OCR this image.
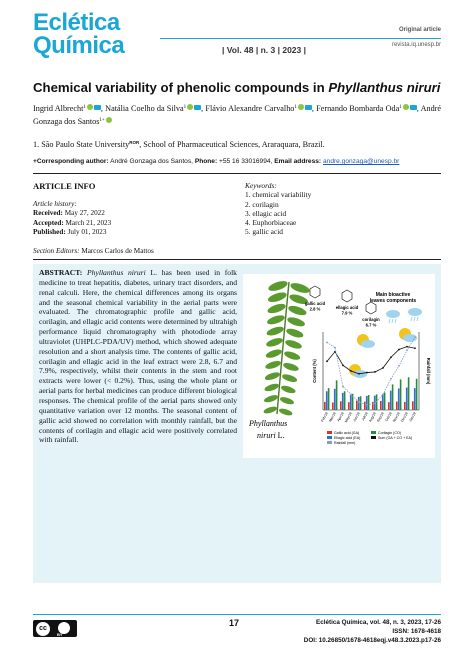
Eclética
Química
Original article
revista.iq.unesp.br
| Vol. 48 | n. 3 | 2023 |
Chemical variability of phenolic compounds in Phyllanthus niruri
Ingrid Albrecht$^1$ , Natália Coelho da Silva$^1$ , Flávio Alexandre Carvalho$^1$ , Fernando Bombarda Oda$^1$ , André Gonzaga dos Santos$^{1+}$
1. São Paulo State University$^{ROR}$, School of Pharmaceutical Sciences, Araraquara, Brazil.
+Corresponding author: André Gonzaga dos Santos, Phone: +55 16 33016994, Email address: andre.gonzaga@unesp.br
ARTICLE INFO
Article history:
Received: May 27, 2022
Accepted: March 21, 2023
Published: July 01, 2023
Keywords:
1. chemical variability
2. corilagin
3. ellagic acid
4. Euphorbiaceae
5. gallic acid
Section Editors: Marcos Carlos de Mattos
ABSTRACT: Phyllanthus niruri L. has been used in folk medicine to treat hepatitis, diabetes, urinary tract disorders, and renal calculi. Here, the chemical differences among its organs and the seasonal chemical variability in the aerial parts were evaluated. The chromatographic profile and gallic acid, corilagin, and ellagic acid contents were determined by ultrahigh performance liquid chromatography with photodiode array ultraviolet (UHPLC-PDA/UV) method, which showed adequate resolution and a short analysis time. The contents of gallic acid, corilagin and ellagic acid in the leaf extract were 2.8, 6.7 and 7.9%, respectively, whilst their contents in the stem and root extracts were lower (< 0.2%). Thus, using the whole plant or aerial parts for herbal medicines can produce different biological responses. The chemical profile of the aerial parts showed only quantitative variation over 12 months. The seasonal content of gallic acid showed no correlation with monthly rainfall, but the contents of corilagin and ellagic acid were positively correlated with rainfall.
Phyllanthus
niruri L.
Main bioactive
leaves components
gallic acid
2.8 %	ellagic acid
7.9 %
corilagin
6.7 %
Content (%)	Rainfall (mm)
Feb/18 Mar/18 Apr/18
May/18 Jun/18 Jul/18 Aug/18 Sep/18 Oct/18 Nov/18 Dec/18 Jan/19
Gallic acid (GA)
Ellagic acid (EA)
Corilagin (CO)
Sum (GA + CO + EA)
Rainfall (mm)
cc
BY
17	Eclética Química, vol. 48, n. 3, 2023, 17-26
ISSN: 1678-4618
DOI: 10.26850/1678-4618eqj.v48.3.2023.p17-26
